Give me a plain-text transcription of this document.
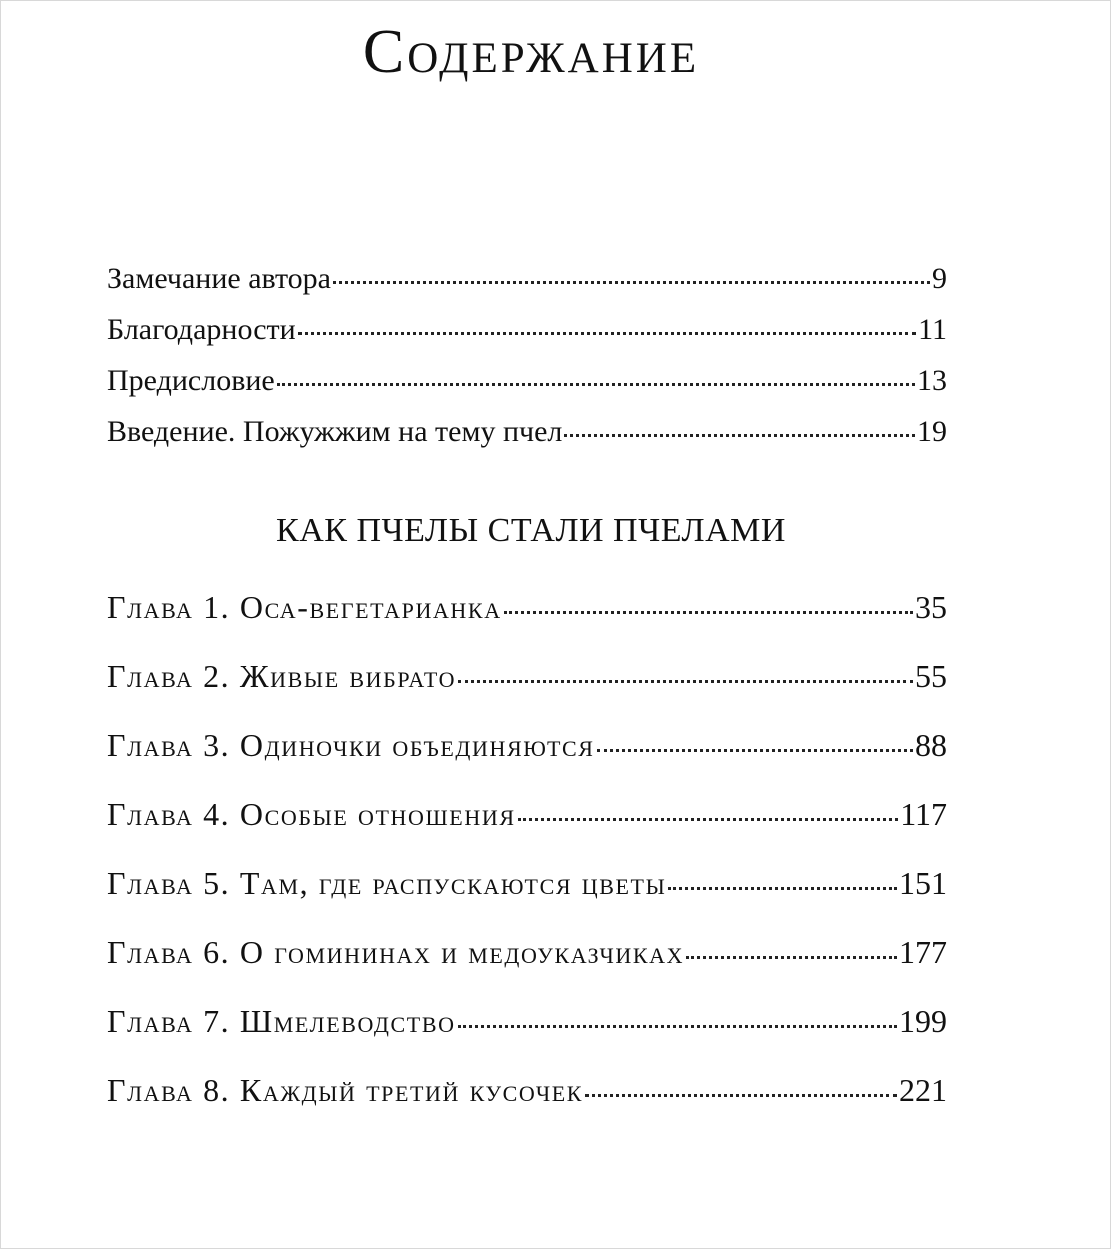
Содержание
Замечание автора	9
Благодарности	11
Предисловие	13
Введение. Пожужжим на тему пчел	19
КАК ПЧЕЛЫ СТАЛИ ПЧЕЛАМИ
Глава 1. Оса-вегетарианка	35
Глава 2. Живые вибрато	55
Глава 3. Одиночки объединяются	88
Глава 4. Особые отношения	117
Глава 5. Там, где распускаются цветы	151
Глава 6. О гомининах и медоуказчиках	177
Глава 7. Шмелеводство	199
Глава 8. Каждый третий кусочек	221
